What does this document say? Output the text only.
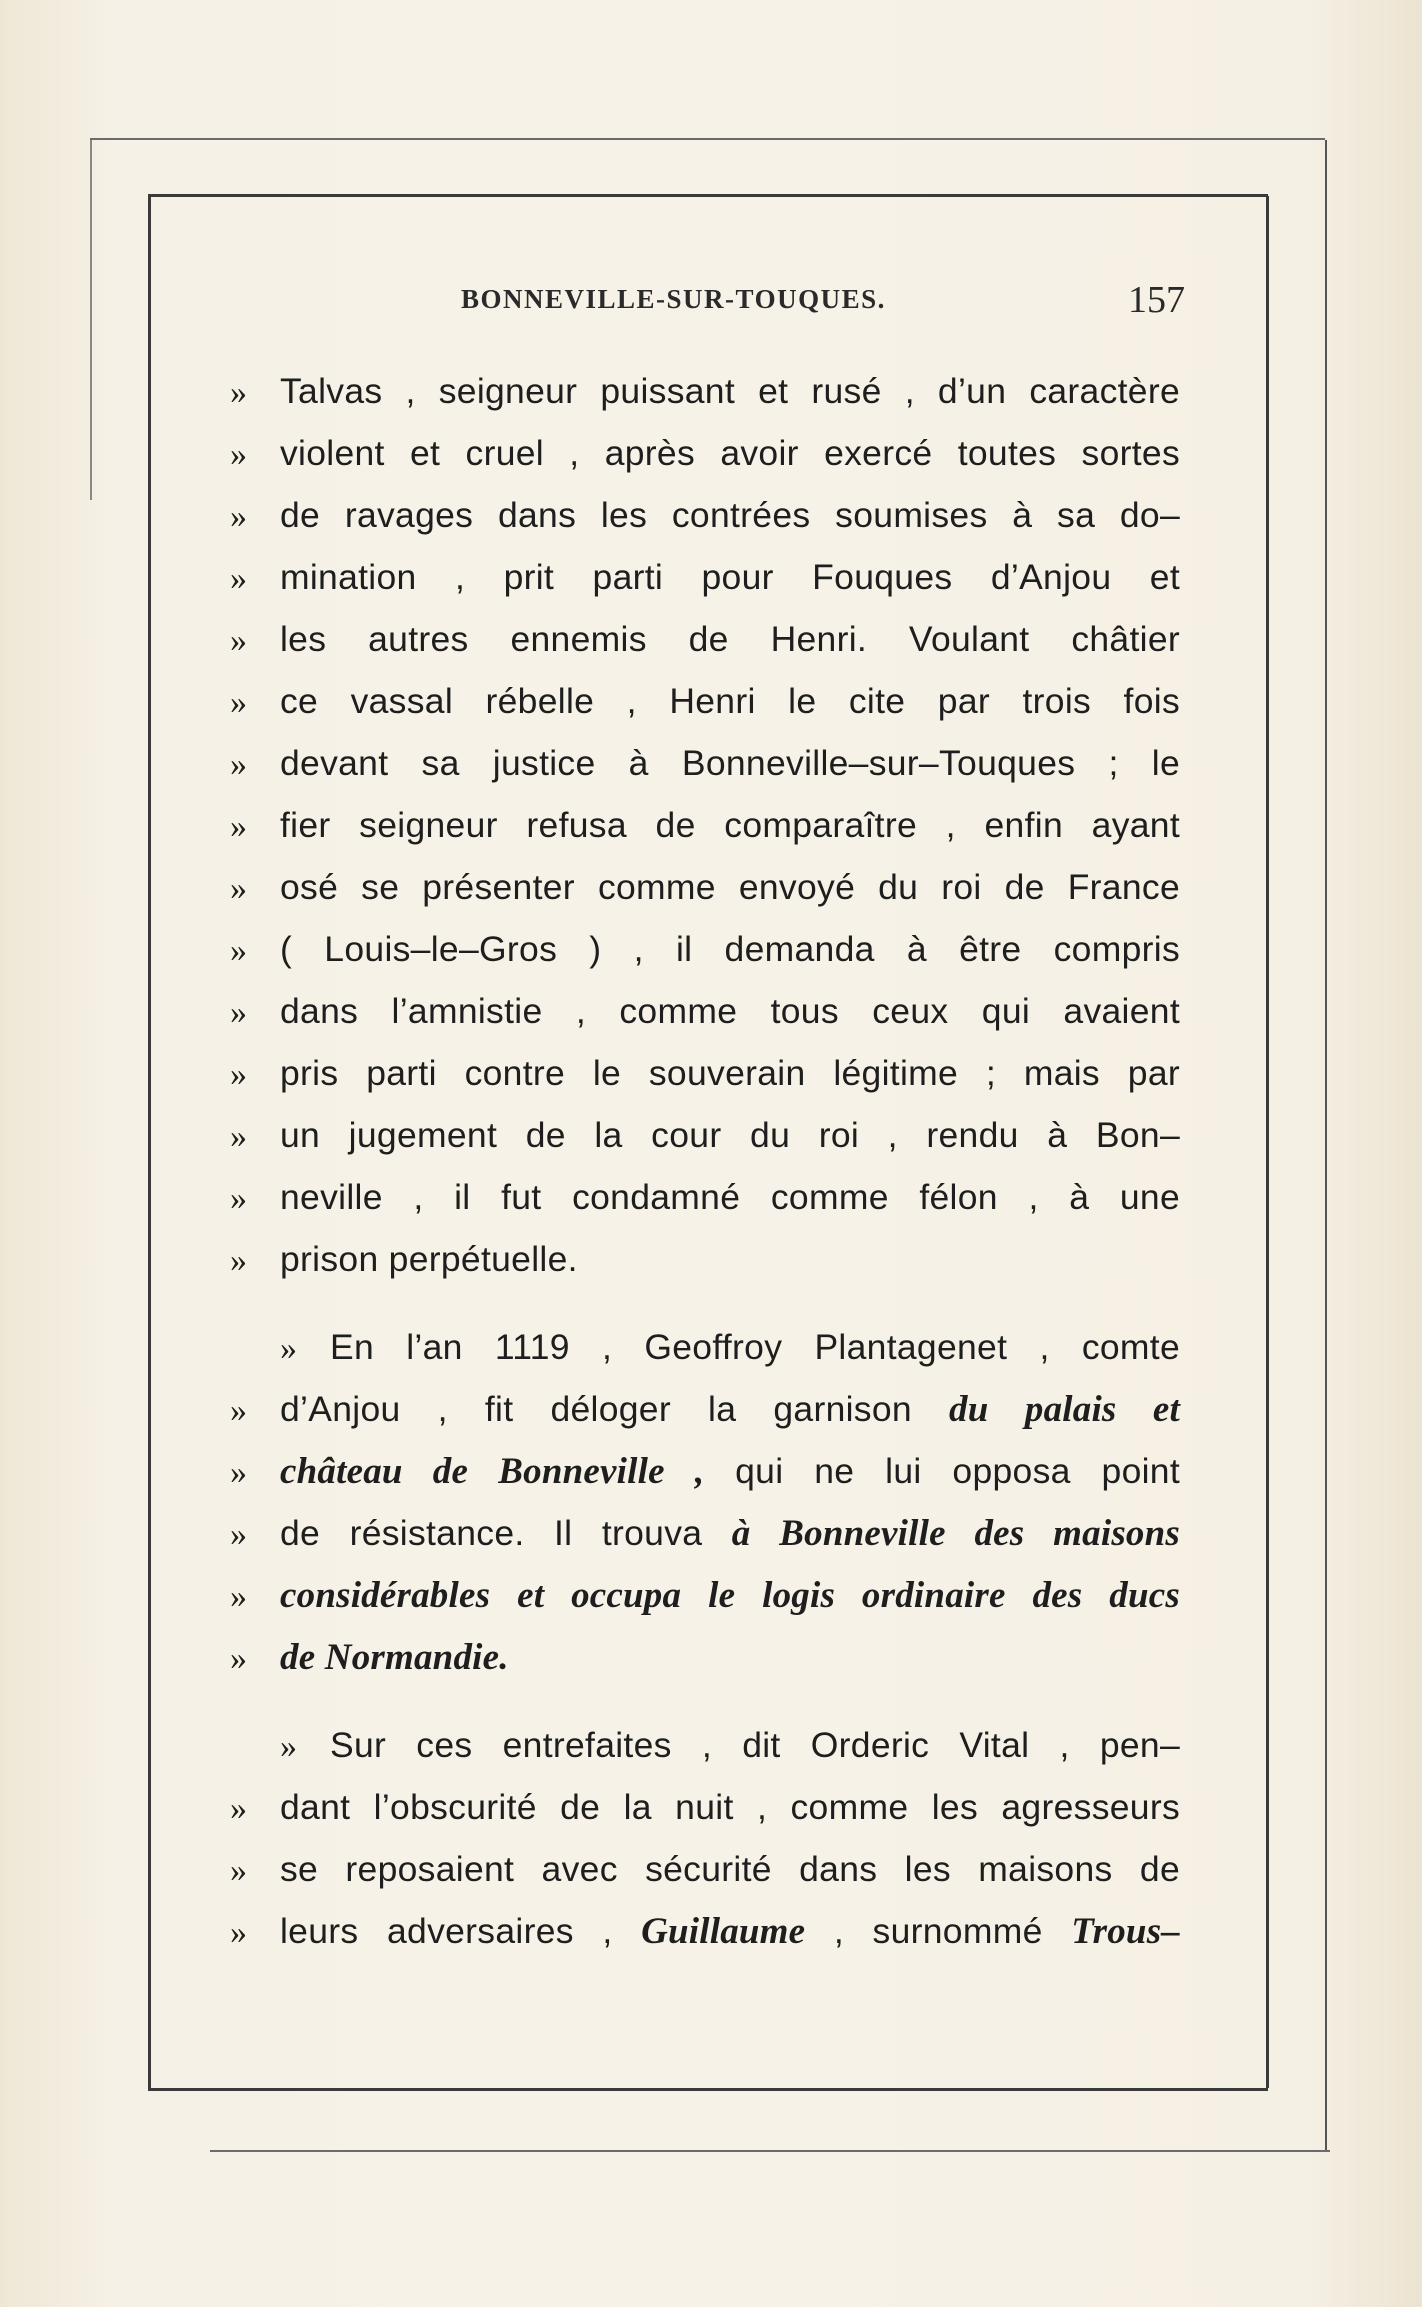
BONNEVILLE-SUR-TOUQUES.	157
» Talvas , seigneur puissant et rusé , d’un caractère
» violent et cruel , après avoir exercé toutes sortes
» de ravages dans les contrées soumises à sa do–
» mination , prit parti pour Fouques d’Anjou et
» les autres ennemis de Henri. Voulant châtier
» ce vassal rébelle , Henri le cite par trois fois
» devant sa justice à Bonneville–sur–Touques ; le
» fier seigneur refusa de comparaître , enfin ayant
» osé se présenter comme envoyé du roi de France
» ( Louis–le–Gros ) , il demanda à être compris
» dans l’amnistie , comme tous ceux qui avaient
» pris parti contre le souverain légitime ; mais par
» un jugement de la cour du roi , rendu à Bon–
» neville , il fut condamné comme félon , à une
» prison perpétuelle.
» En l’an 1119 , Geoffroy Plantagenet , comte
» d’Anjou , fit déloger la garnison du palais et
» château de Bonneville , qui ne lui opposa point
» de résistance. Il trouva à Bonneville des maisons
» considérables et occupa le logis ordinaire des ducs
» de Normandie.
» Sur ces entrefaites , dit Orderic Vital , pen–
» dant l’obscurité de la nuit , comme les agresseurs
» se reposaient avec sécurité dans les maisons de
» leurs adversaires , Guillaume , surnommé Trous–
